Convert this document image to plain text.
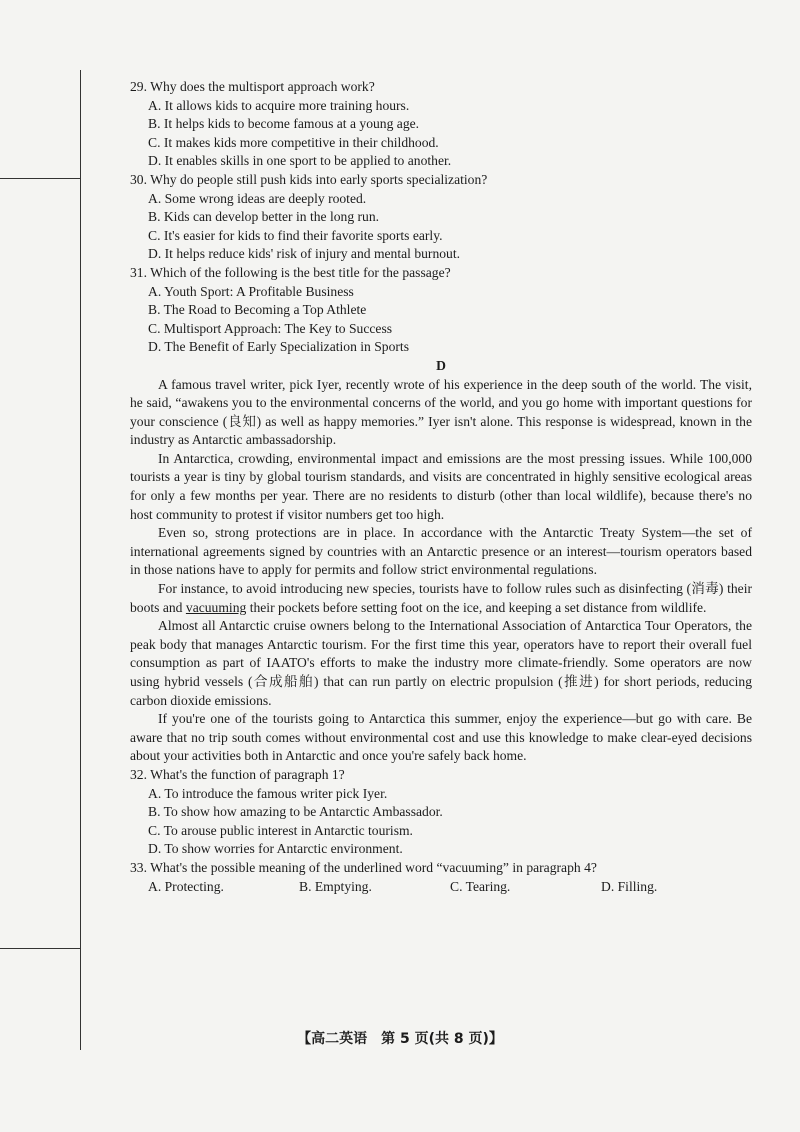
29. Why does the multisport approach work?

A. It allows kids to acquire more training hours.

B. It helps kids to become famous at a young age.

C. It makes kids more competitive in their childhood.

D. It enables skills in one sport to be applied to another.

30. Why do people still push kids into early sports specialization?

A. Some wrong ideas are deeply rooted.

B. Kids can develop better in the long run.

C. It's easier for kids to find their favorite sports early.

D. It helps reduce kids' risk of injury and mental burnout.

31. Which of the following is the best title for the passage?

A. Youth Sport: A Profitable Business

B. The Road to Becoming a Top Athlete

C. Multisport Approach: The Key to Success

D. The Benefit of Early Specialization in Sports

D

A famous travel writer, pick Iyer, recently wrote of his experience in the deep south of the world. The visit, he said, “awakens you to the environmental concerns of the world, and you go home with important questions for your conscience (良知) as well as happy memories.” Iyer isn't alone. This response is widespread, known in the industry as Antarctic ambassadorship.

In Antarctica, crowding, environmental impact and emissions are the most pressing issues. While 100,000 tourists a year is tiny by global tourism standards, and visits are concentrated in highly sensitive ecological areas for only a few months per year. There are no residents to disturb (other than local wildlife), because there's no host community to protest if visitor numbers get too high.

Even so, strong protections are in place. In accordance with the Antarctic Treaty System—the set of international agreements signed by countries with an Antarctic presence or an interest—tourism operators based in those nations have to apply for permits and follow strict environmental regulations.

For instance, to avoid introducing new species, tourists have to follow rules such as disinfecting (消毒) their boots and vacuuming their pockets before setting foot on the ice, and keeping a set distance from wildlife.

Almost all Antarctic cruise owners belong to the International Association of Antarctica Tour Operators, the peak body that manages Antarctic tourism. For the first time this year, operators have to report their overall fuel consumption as part of IAATO's efforts to make the industry more climate-friendly. Some operators are now using hybrid vessels (合成船舶) that can run partly on electric propulsion (推进) for short periods, reducing carbon dioxide emissions.

If you're one of the tourists going to Antarctica this summer, enjoy the experience—but go with care. Be aware that no trip south comes without environmental cost and use this knowledge to make clear-eyed decisions about your activities both in Antarctic and once you're safely back home.

32. What's the function of paragraph 1?

A. To introduce the famous writer pick Iyer.

B. To show how amazing to be Antarctic Ambassador.

C. To arouse public interest in Antarctic tourism.

D. To show worries for Antarctic environment.

33. What's the possible meaning of the underlined word “vacuuming” in paragraph 4?

A. Protecting.	B. Emptying.	C. Tearing.	D. Filling.
【高二英语　第 5 页(共 8 页)】
